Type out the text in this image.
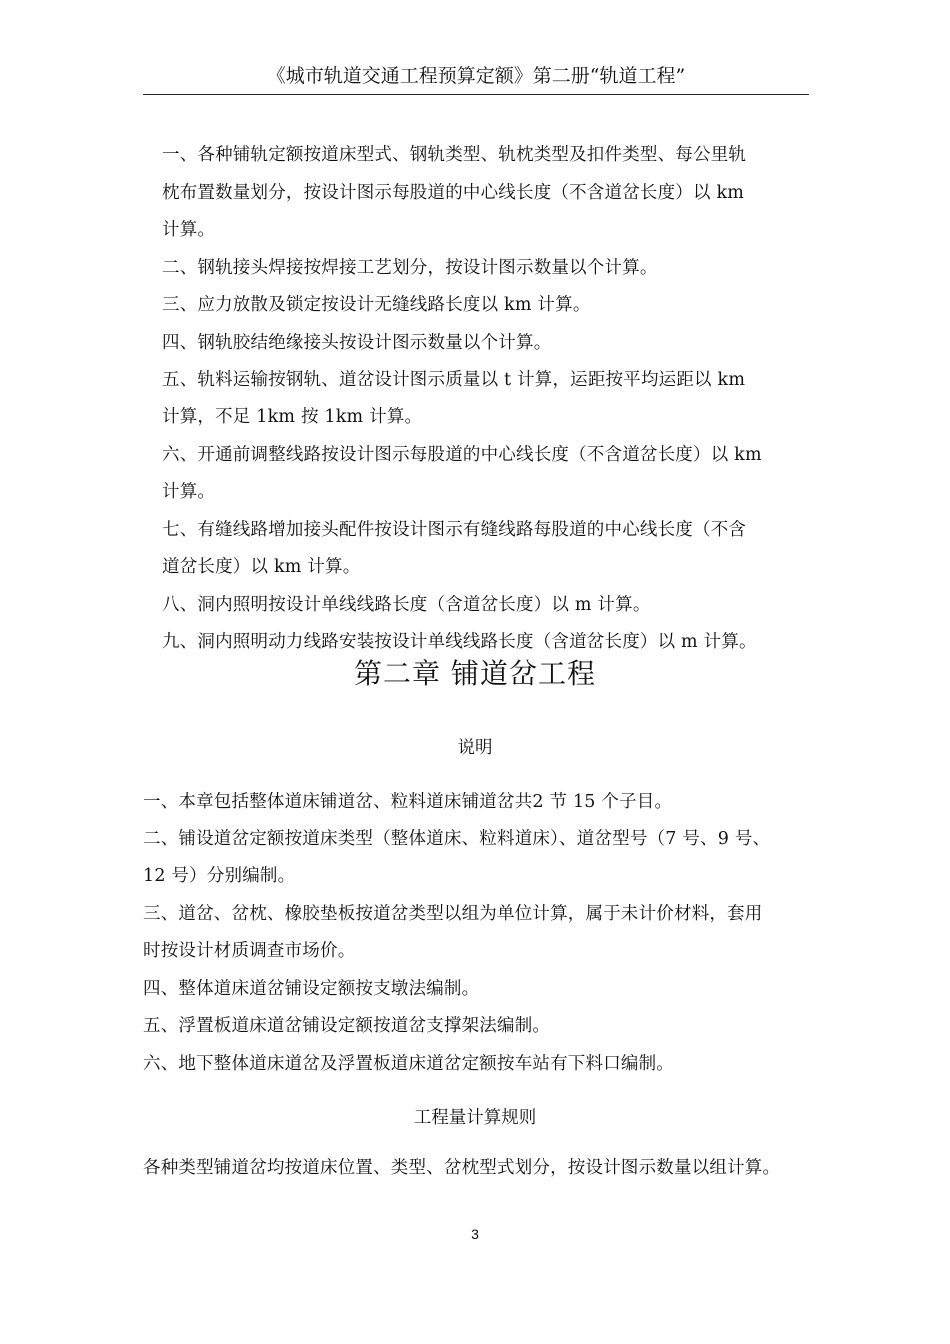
《城市轨道交通工程预算定额》第二册“轨道工程”
一、各种铺轨定额按道床型式、钢轨类型、轨枕类型及扣件类型、每公里轨
枕布置数量划分，按设计图示每股道的中心线长度（不含道岔长度）以 km
计算。
二、钢轨接头焊接按焊接工艺划分，按设计图示数量以个计算。
三、应力放散及锁定按设计无缝线路长度以 km 计算。
四、钢轨胶结绝缘接头按设计图示数量以个计算。
五、轨料运输按钢轨、道岔设计图示质量以 t 计算，运距按平均运距以 km
计算，不足 1km 按 1km 计算。
六、开通前调整线路按设计图示每股道的中心线长度（不含道岔长度）以 km
计算。
七、有缝线路增加接头配件按设计图示有缝线路每股道的中心线长度（不含
道岔长度）以 km 计算。
八、洞内照明按设计单线线路长度（含道岔长度）以 m 计算。
九、洞内照明动力线路安装按设计单线线路长度（含道岔长度）以 m 计算。
第二章 铺道岔工程
说明
一、本章包括整体道床铺道岔、粒料道床铺道岔共2 节 15 个子目。
二、铺设道岔定额按道床类型（整体道床、粒料道床）、道岔型号（7 号、9 号、
12 号）分别编制。
三、道岔、岔枕、橡胶垫板按道岔类型以组为单位计算，属于未计价材料，套用
时按设计材质调查市场价。
四、整体道床道岔铺设定额按支墩法编制。
五、浮置板道床道岔铺设定额按道岔支撑架法编制。
六、地下整体道床道岔及浮置板道床道岔定额按车站有下料口编制。
工程量计算规则
各种类型铺道岔均按道床位置、类型、岔枕型式划分，按设计图示数量以组计算。
3
